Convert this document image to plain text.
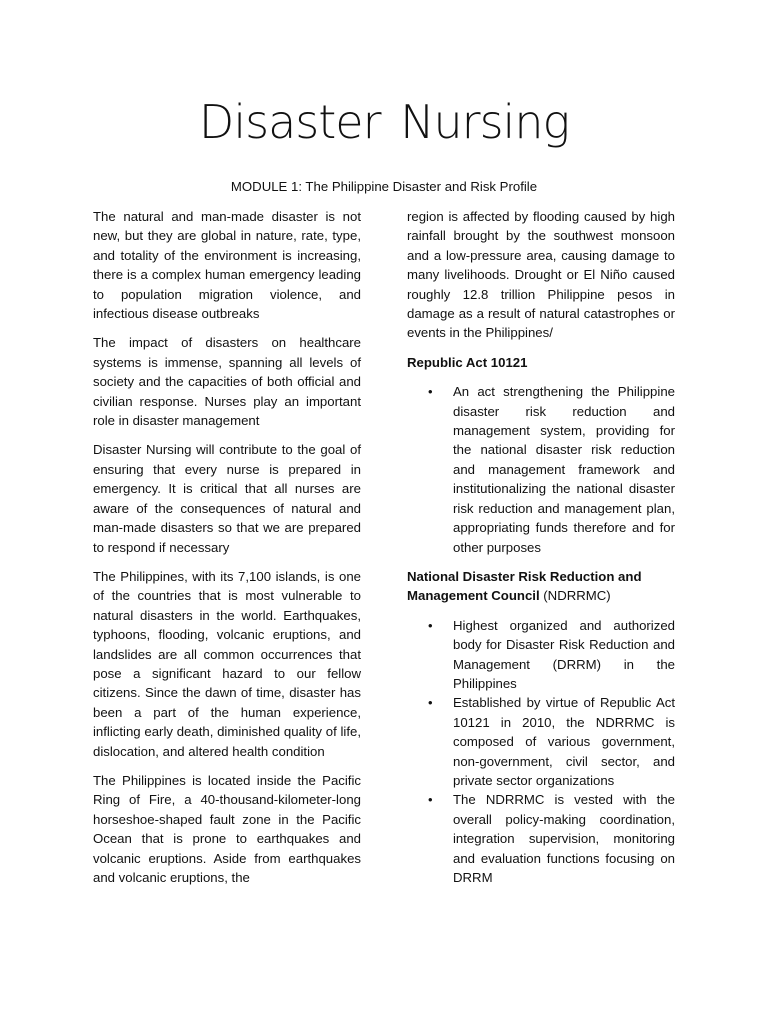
Disaster Nursing
MODULE 1: The Philippine Disaster and Risk Profile

The natural and man-made disaster is not new, but they are global in nature, rate, type, and totality of the environment is increasing, there is a complex human emergency leading to population migration violence, and infectious disease outbreaks

The impact of disasters on healthcare systems is immense, spanning all levels of society and the capacities of both official and civilian response. Nurses play an important role in disaster management

Disaster Nursing will contribute to the goal of ensuring that every nurse is prepared in emergency. It is critical that all nurses are aware of the consequences of natural and man-made disasters so that we are prepared to respond if necessary

The Philippines, with its 7,100 islands, is one of the countries that is most vulnerable to natural disasters in the world. Earthquakes, typhoons, flooding, volcanic eruptions, and landslides are all common occurrences that pose a significant hazard to our fellow citizens. Since the dawn of time, disaster has been a part of the human experience, inflicting early death, diminished quality of life, dislocation, and altered health condition

The Philippines is located inside the Pacific Ring of Fire, a 40-thousand-kilometer-long horseshoe-shaped fault zone in the Pacific Ocean that is prone to earthquakes and volcanic eruptions. Aside from earthquakes and volcanic eruptions, the

region is affected by flooding caused by high rainfall brought by the southwest monsoon and a low-pressure area, causing damage to many livelihoods. Drought or El Niño caused roughly 12.8 trillion Philippine pesos in damage as a result of natural catastrophes or events in the Philippines/

Republic Act 10121
• An act strengthening the Philippine disaster risk reduction and management system, providing for the national disaster risk reduction and management framework and institutionalizing the national disaster risk reduction and management plan, appropriating funds therefore and for other purposes
National Disaster Risk Reduction and Management Council (NDRRMC)
• Highest organized and authorized body for Disaster Risk Reduction and Management (DRRM) in the Philippines
• Established by virtue of Republic Act 10121 in 2010, the NDRRMC is composed of various government, non-government, civil sector, and private sector organizations
• The NDRRMC is vested with the overall policy-making coordination, integration supervision, monitoring and evaluation functions focusing on DRRM
